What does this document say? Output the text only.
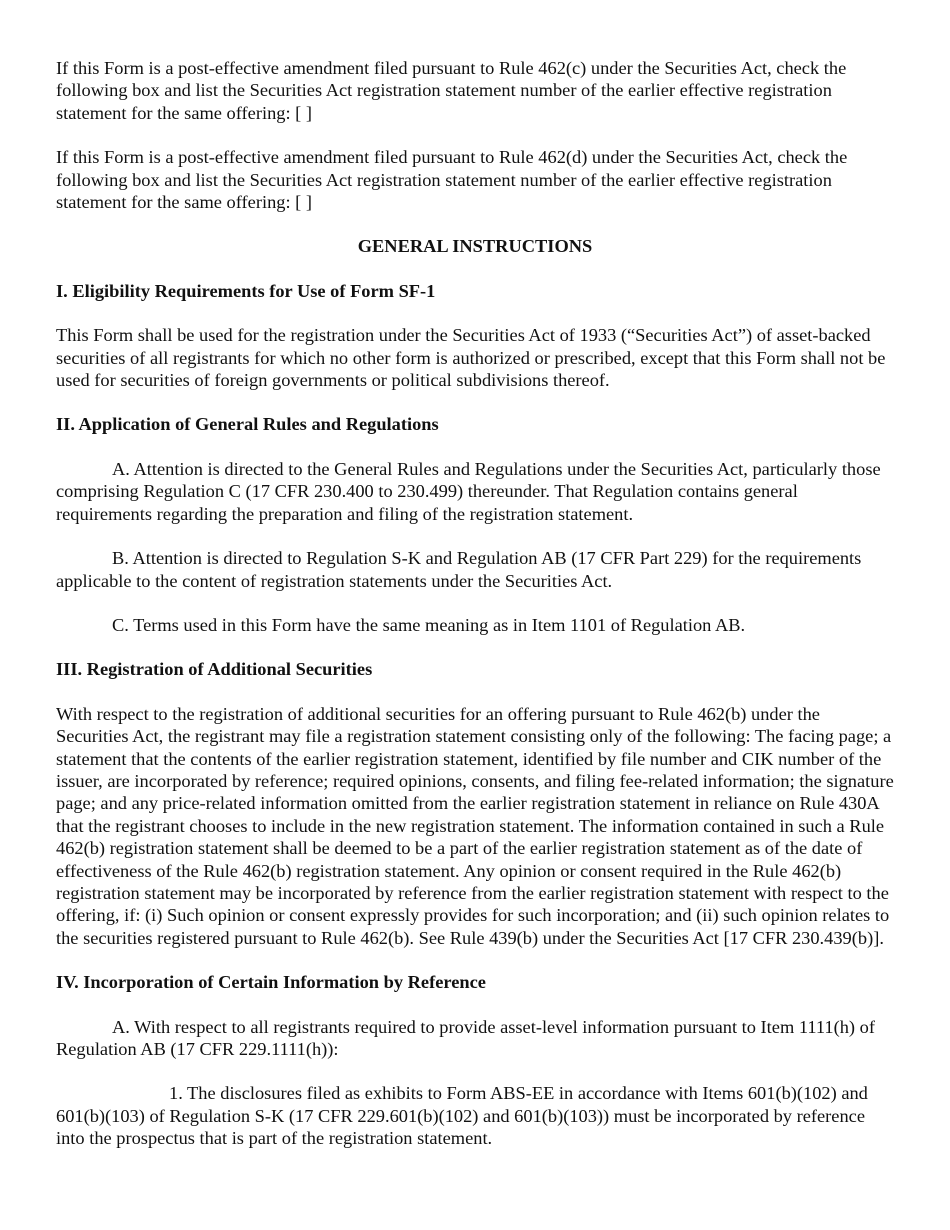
If this Form is a post-effective amendment filed pursuant to Rule 462(c) under the Securities Act, check the following box and list the Securities Act registration statement number of the earlier effective registration statement for the same offering: [ ]

If this Form is a post-effective amendment filed pursuant to Rule 462(d) under the Securities Act, check the following box and list the Securities Act registration statement number of the earlier effective registration statement for the same offering: [ ]

GENERAL INSTRUCTIONS

I. Eligibility Requirements for Use of Form SF-1

This Form shall be used for the registration under the Securities Act of 1933 (“Securities Act”) of asset-backed securities of all registrants for which no other form is authorized or prescribed, except that this Form shall not be used for securities of foreign governments or political subdivisions thereof.

II. Application of General Rules and Regulations

A. Attention is directed to the General Rules and Regulations under the Securities Act, particularly those comprising Regulation C (17 CFR 230.400 to 230.499) thereunder. That Regulation contains general requirements regarding the preparation and filing of the registration statement.

B. Attention is directed to Regulation S-K and Regulation AB (17 CFR Part 229) for the requirements applicable to the content of registration statements under the Securities Act.

C. Terms used in this Form have the same meaning as in Item 1101 of Regulation AB.

III. Registration of Additional Securities

With respect to the registration of additional securities for an offering pursuant to Rule 462(b) under the Securities Act, the registrant may file a registration statement consisting only of the following: The facing page; a statement that the contents of the earlier registration statement, identified by file number and CIK number of the issuer, are incorporated by reference; required opinions, consents, and filing fee-related information; the signature page; and any price-related information omitted from the earlier registration statement in reliance on Rule 430A that the registrant chooses to include in the new registration statement. The information contained in such a Rule 462(b) registration statement shall be deemed to be a part of the earlier registration statement as of the date of effectiveness of the Rule 462(b) registration statement. Any opinion or consent required in the Rule 462(b) registration statement may be incorporated by reference from the earlier registration statement with respect to the offering, if: (i) Such opinion or consent expressly provides for such incorporation; and (ii) such opinion relates to the securities registered pursuant to Rule 462(b). See Rule 439(b) under the Securities Act [17 CFR 230.439(b)].

IV. Incorporation of Certain Information by Reference

A. With respect to all registrants required to provide asset-level information pursuant to Item 1111(h) of Regulation AB (17 CFR 229.1111(h)):

1. The disclosures filed as exhibits to Form ABS-EE in accordance with Items 601(b)(102) and 601(b)(103) of Regulation S-K (17 CFR 229.601(b)(102) and 601(b)(103)) must be incorporated by reference into the prospectus that is part of the registration statement.
